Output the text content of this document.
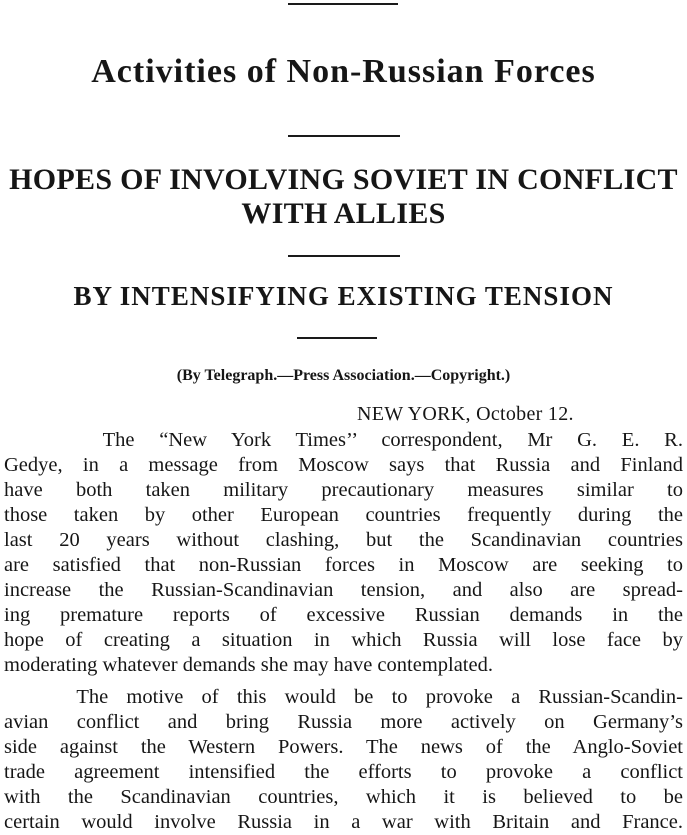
Activities of Non-Russian Forces
HOPES OF INVOLVING SOVIET IN CONFLICT
WITH ALLIES
BY INTENSIFYING EXISTING TENSION
(By Telegraph.—Press Association.—Copyright.)
NEW YORK, October 12.
The “New York Times’’ correspondent, Mr G. E. R.
Gedye, in a message from Moscow says that Russia and Finland
have both taken military precautionary measures similar to
those taken by other European countries frequently during the
last 20 years without clashing, but the Scandinavian countries
are satisfied that non-Russian forces in Moscow are seeking to
increase the Russian-Scandinavian tension, and also are spread-
ing premature reports of excessive Russian demands in the
hope of creating a situation in which Russia will lose face by
moderating whatever demands she may have contemplated.
The motive of this would be to provoke a Russian-Scandin-
avian conflict and bring Russia more actively on Germany’s
side against the Western Powers. The news of the Anglo-Soviet
trade agreement intensified the efforts to provoke a conflict
with the Scandinavian countries, which it is believed to be
certain would involve Russia in a war with Britain and France.
